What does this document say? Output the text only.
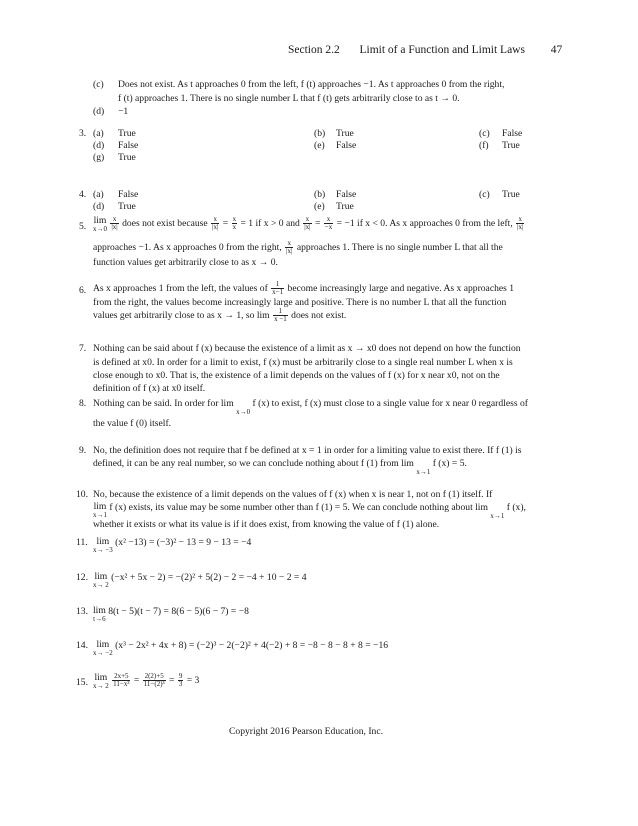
Section 2.2 Limit of a Function and Limit Laws 47
(c) Does not exist. As t approaches 0 from the left, f (t) approaches −1. As t approaches 0 from the right,
f (t) approaches 1. There is no single number L that f (t) gets arbitrarily close to as t → 0.
(d) −1
3. (a) True	(b) True	(c) False
(d) False	(e) False	(f) True
(g) True
4. (a) False	(b) False	(c) True
(d) True	(e) True
5.
lim
x→0
$\frac{x}{|x|}$ does not exist because $\frac{x}{|x|} = \frac{x}{x} = 1$ if x > 0 and $\frac{x}{|x|} = \frac{x}{-x} = -1$ if x < 0. As x approaches 0 from the left, $\frac{x}{|x|}$
approaches −1. As x approaches 0 from the right, $\frac{x}{|x|}$ approaches 1. There is no single number L that all the
function values get arbitrarily close to as x → 0.
6. As x approaches 1 from the left, the values of $\frac{1}{x-1}$ become increasingly large and negative. As x approaches 1
from the right, the values become increasingly large and positive. There is no number L that all the function
values get arbitrarily close to as x → 1, so $\lim \frac{1}{x -1}$ does not exist.
7. Nothing can be said about f (x) because the existence of a limit as x → x0 does not depend on how the function
is defined at x0. In order for a limit to exist, f (x) must be arbitrarily close to a single real number L when x is
close enough to x0. That is, the existence of a limit depends on the values of f (x) for x near x0, not on the
definition of f (x) at x0 itself.
8. Nothing can be said. In order for lim $_{x\to 0}$ f (x) to exist, f (x) must close to a single value for x near 0 regardless of
the value f (0) itself.
9. No, the definition does not require that f be defined at x = 1 in order for a limiting value to exist there. If f (1) is
defined, it can be any real number, so we can conclude nothing about f (1) from lim $_{x\to 1}$ f (x) = 5.
10. No, because the existence of a limit depends on the values of f (x) when x is near 1, not on f (1) itself. If
lim
x→1
f (x) exists, its value may be some number other than f (1) = 5. We can conclude nothing about lim $_{x\to 1}$ f (x),
whether it exists or what its value is if it does exist, from knowing the value of f (1) alone.
11. lim
x→ −3
(x² −13) = (−3)² − 13 = 9 − 13 = −4
12. lim
x→ 2
(−x² + 5x − 2) = −(2)² + 5(2) − 2 = −4 + 10 − 2 = 4
13. lim
t→6
8(t − 5)(t − 7) = 8(6 − 5)(6 − 7) = −8
14. lim
x→ −2
(x³ − 2x² + 4x + 8) = (−2)³ − 2(−2)² + 4(−2) + 8 = −8 − 8 − 8 + 8 = −16
15. lim
x→ 2
$\frac{2x+5}{\text{11−x³}} = \frac{2(2)+5}{\text{11−(2)³}} = \frac{9}{3} = 3$
Copyright 2016 Pearson Education, Inc.
